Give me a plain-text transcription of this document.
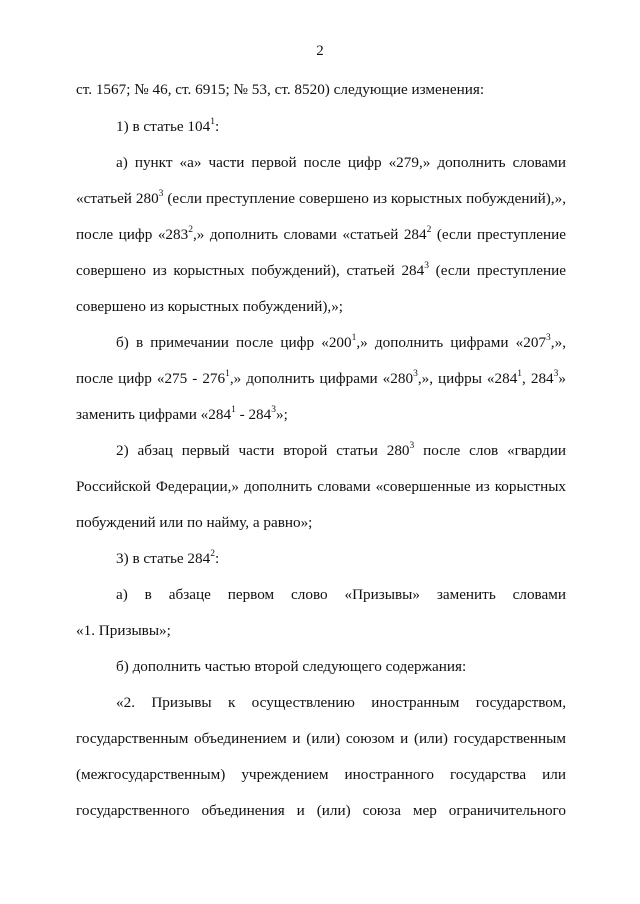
2
ст. 1567; № 46, ст. 6915; № 53, ст. 8520) следующие изменения:
1) в статье $104^1$:
а) пункт «а» части первой после цифр «279,» дополнить словами
«статьей $280^3$ (если преступление совершено из корыстных побуждений),»,
после цифр «$283^2$,» дополнить словами «статьей $284^2$ (если преступление
совершено из корыстных побуждений), статьей $284^3$ (если преступление
совершено из корыстных побуждений),»;
б) в примечании после цифр «$200^1$,» дополнить цифрами «$207^3$,»,
после цифр «$275 - 276^1$,» дополнить цифрами «$280^3$,», цифры «$284^1$, $284^3$»
заменить цифрами «$284^1 - 284^3$»;
2) абзац первый части второй статьи $280^3$ после слов «гвардии
Российской Федерации,» дополнить словами «совершенные из корыстных
побуждений или по найму, а равно»;
3) в статье $284^2$:
а) в абзаце первом слово «Призывы» заменить словами
«1. Призывы»;
б) дополнить частью второй следующего содержания:
«2. Призывы к осуществлению иностранным государством,
государственным объединением и (или) союзом и (или) государственным
(межгосударственным) учреждением иностранного государства или
государственного объединения и (или) союза мер ограничительного
